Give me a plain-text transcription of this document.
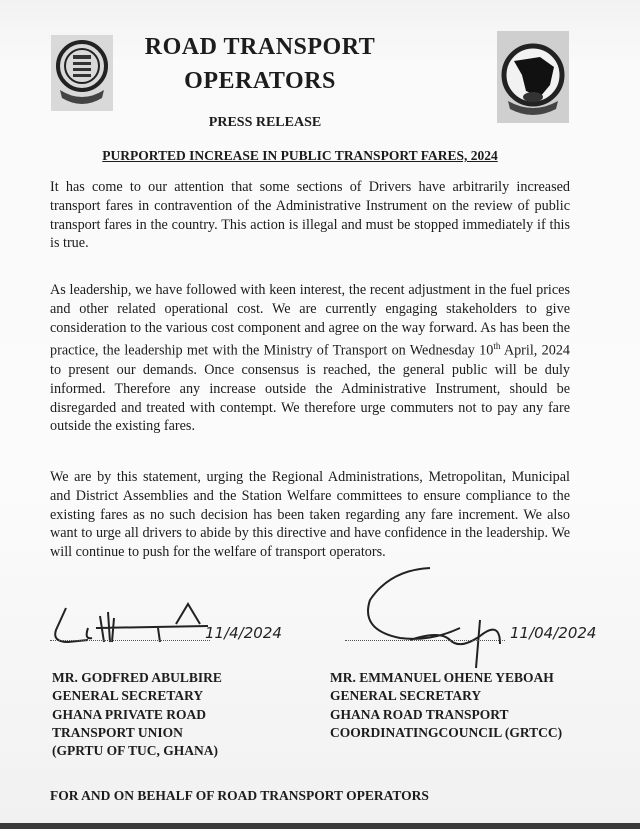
ROAD TRANSPORT
OPERATORS
PRESS RELEASE
PURPORTED INCREASE IN PUBLIC TRANSPORT FARES, 2024
It has come to our attention that some sections of Drivers have arbitrarily increased transport fares in contravention of the Administrative Instrument on the review of public transport fares in the country. This action is illegal and must be stopped immediately if this is true.
As leadership, we have followed with keen interest, the recent adjustment in the fuel prices and other related operational cost. We are currently engaging stakeholders to give consideration to the various cost component and agree on the way forward. As has been the practice, the leadership met with the Ministry of Transport on Wednesday 10th April, 2024 to present our demands. Once consensus is reached, the general public will be duly informed. Therefore any increase outside the Administrative Instrument, should be disregarded and treated with contempt. We therefore urge commuters not to pay any fare outside the existing fares.
We are by this statement, urging the Regional Administrations, Metropolitan, Municipal and District Assemblies and the Station Welfare committees to ensure compliance to the existing fares as no such decision has been taken regarding any fare increment. We also want to urge all drivers to abide by this directive and have confidence in the leadership. We will continue to push for the welfare of transport operators.
11/4/2024	11/04/2024
MR. GODFRED ABULBIRE
GENERAL SECRETARY
GHANA PRIVATE ROAD
TRANSPORT UNION
(GPRTU OF TUC, GHANA)
MR. EMMANUEL OHENE YEBOAH
GENERAL SECRETARY
GHANA ROAD TRANSPORT
COORDINATINGCOUNCIL (GRTCC)
FOR AND ON BEHALF OF ROAD TRANSPORT OPERATORS
